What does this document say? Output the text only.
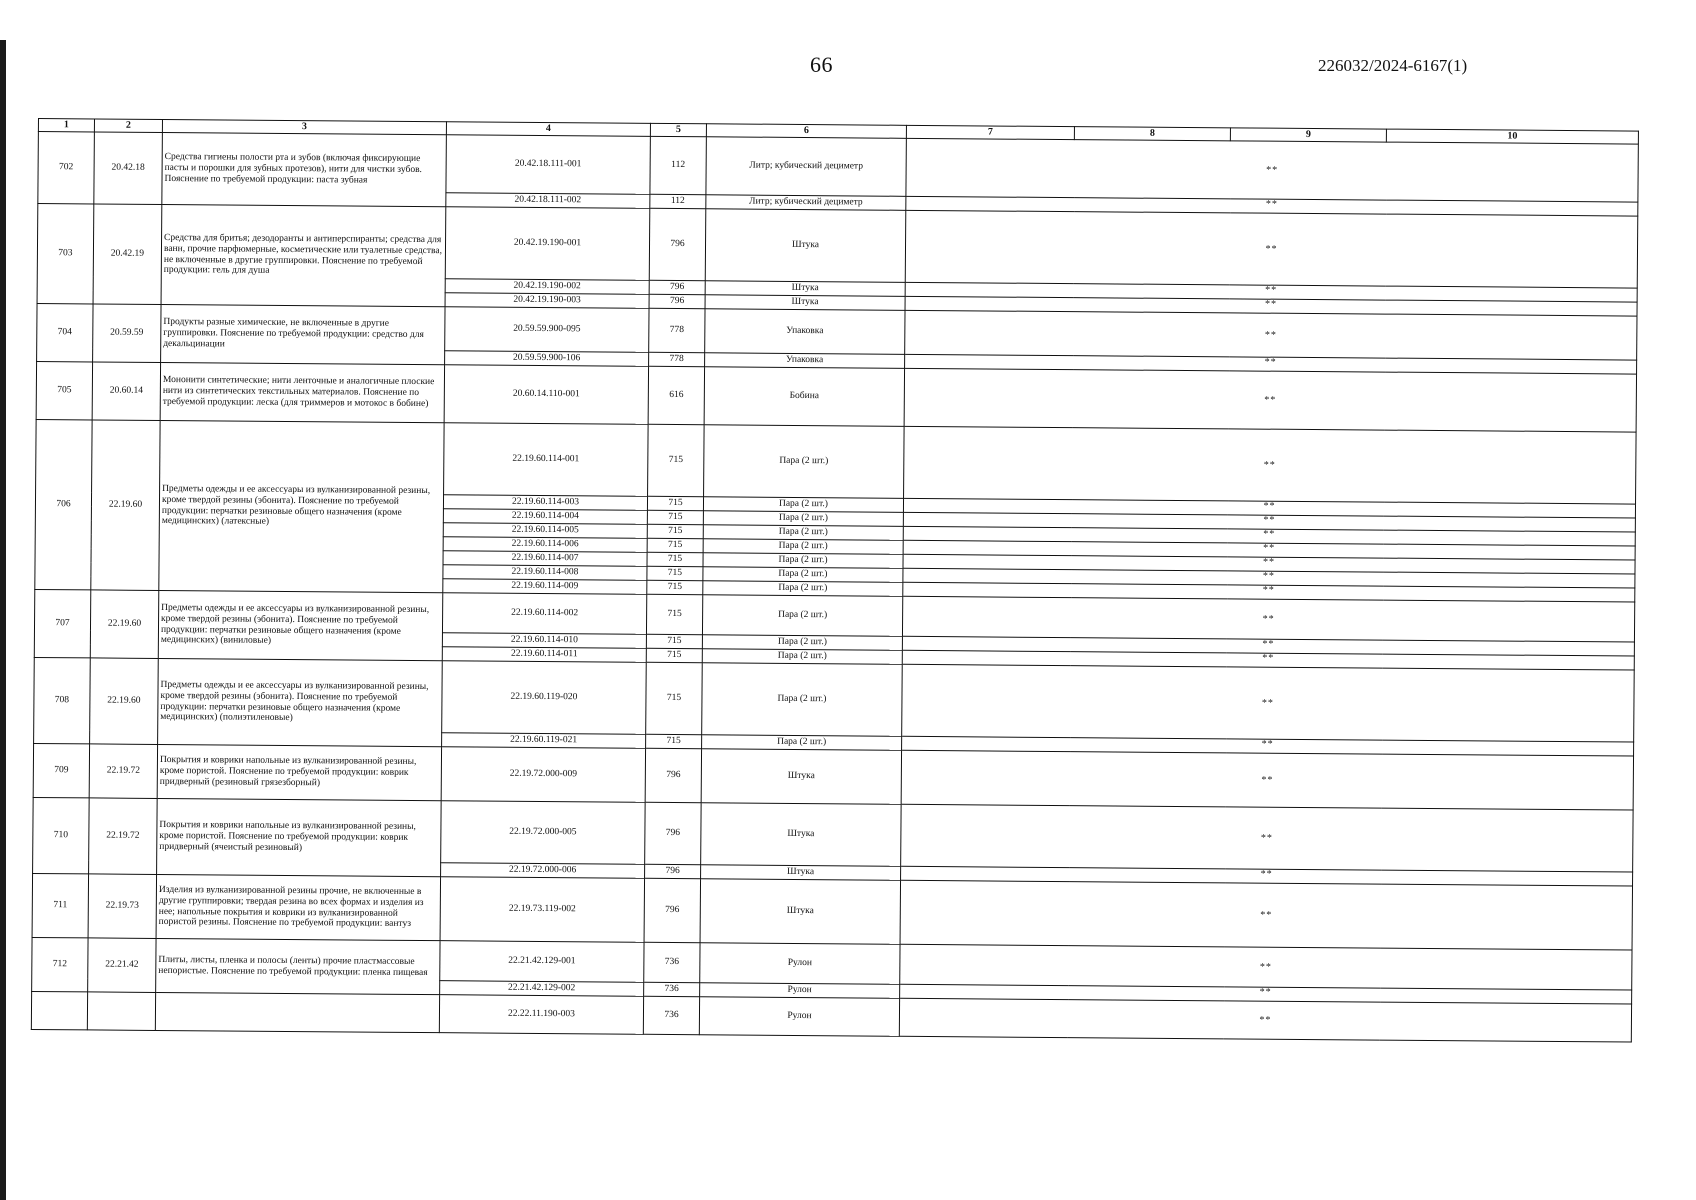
66	226032/2024-6167(1)
1	2	3	4	5	6	7	8	9	10
702	20.42.18	Средства гигиены полости рта и зубов (включая фиксирующие пасты и порошки для зубных протезов), нити для чистки зубов. Пояснение по требуемой продукции: паста зубная	20.42.18.111-001	112	Литр; кубический дециметр	**			
			20.42.18.111-002	112	Литр; кубический дециметр	**			
703	20.42.19	Средства для бритья; дезодоранты и антиперспиранты; средства для ванн, прочие парфюмерные, косметические или туалетные средства, не включенные в другие группировки. Пояснение по требуемой продукции: гель для душа	20.42.19.190-001	796	Штука	**			
			20.42.19.190-002	796	Штука	**			
			20.42.19.190-003	796	Штука	**			
704	20.59.59	Продукты разные химические, не включенные в другие группировки. Пояснение по требуемой продукции: средство для декальцинации	20.59.59.900-095	778	Упаковка	**			
			20.59.59.900-106	778	Упаковка	**			
705	20.60.14	Мононити синтетические; нити ленточные и аналогичные плоские нити из синтетических текстильных материалов. Пояснение по требуемой продукции: леска (для триммеров и мотокос в бобине)	20.60.14.110-001	616	Бобина	**			
706	22.19.60	Предметы одежды и ее аксессуары из вулканизированной резины, кроме твердой резины (эбонита). Пояснение по требуемой продукции: перчатки резиновые общего назначения (кроме медицинских) (латексные)	22.19.60.114-001	715	Пара (2 шт.)	**			
			22.19.60.114-003	715	Пара (2 шт.)	**			
			22.19.60.114-004	715	Пара (2 шт.)	**			
			22.19.60.114-005	715	Пара (2 шт.)	**			
			22.19.60.114-006	715	Пара (2 шт.)	**			
			22.19.60.114-007	715	Пара (2 шт.)	**			
			22.19.60.114-008	715	Пара (2 шт.)	**			
			22.19.60.114-009	715	Пара (2 шт.)	**			
707	22.19.60	Предметы одежды и ее аксессуары из вулканизированной резины, кроме твердой резины (эбонита). Пояснение по требуемой продукции: перчатки резиновые общего назначения (кроме медицинских) (виниловые)	22.19.60.114-002	715	Пара (2 шт.)	**			
			22.19.60.114-010	715	Пара (2 шт.)	**			
			22.19.60.114-011	715	Пара (2 шт.)	**			
708	22.19.60	Предметы одежды и ее аксессуары из вулканизированной резины, кроме твердой резины (эбонита). Пояснение по требуемой продукции: перчатки резиновые общего назначения (кроме медицинских) (полиэтиленовые)	22.19.60.119-020	715	Пара (2 шт.)	**			
			22.19.60.119-021	715	Пара (2 шт.)	**			
709	22.19.72	Покрытия и коврики напольные из вулканизированной резины, кроме пористой. Пояснение по требуемой продукции: коврик придверный (резиновый грязезборный)	22.19.72.000-009	796	Штука	**			
710	22.19.72	Покрытия и коврики напольные из вулканизированной резины, кроме пористой. Пояснение по требуемой продукции: коврик придверный (ячеистый резиновый)	22.19.72.000-005	796	Штука	**			
			22.19.72.000-006	796	Штука	**			
711	22.19.73	Изделия из вулканизированной резины прочие, не включенные в другие группировки; твердая резина во всех формах и изделия из нее; напольные покрытия и коврики из вулканизированной пористой резины. Пояснение по требуемой продукции: вантуз	22.19.73.119-002	796	Штука	**			
712	22.21.42	Плиты, листы, пленка и полосы (ленты) прочие пластмассовые непористые. Пояснение по требуемой продукции: пленка пищевая	22.21.42.129-001	736	Рулон	**			
			22.21.42.129-002	736	Рулон	**			
			22.22.11.190-003	736	Рулон	**			
